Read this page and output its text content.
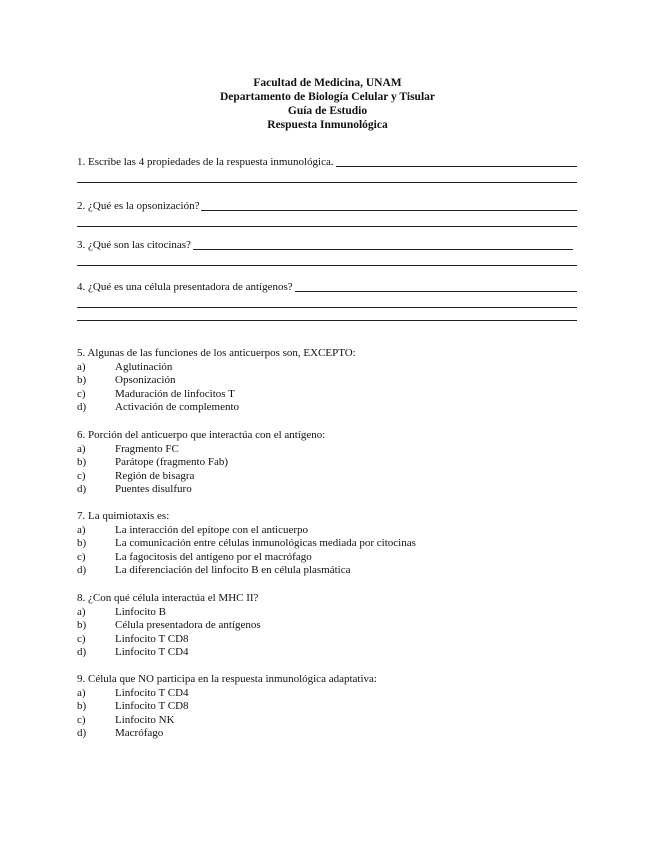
Facultad de Medicina, UNAM
Departamento de Biología Celular y Tisular
Guía de Estudio
Respuesta Inmunológica
1. Escribe las 4 propiedades de la respuesta inmunológica.
2. ¿Qué es la opsonización?
3. ¿Qué son las citocinas?
4. ¿Qué es una célula presentadora de antígenos?
5. Algunas de las funciones de los anticuerpos son, EXCEPTO:
a)	Aglutinación
b)	Opsonización
c)	Maduración de linfocitos T
d)	Activación de complemento
6. Porción del anticuerpo que interactúa con el antígeno:
a)	Fragmento FC
b)	Parátope (fragmento Fab)
c)	Región de bisagra
d)	Puentes disulfuro
7. La quimiotaxis es:
a)	La interacción del epítope con el anticuerpo
b)	La comunicación entre células inmunológicas mediada por citocinas
c)	La fagocitosis del antígeno por el macrófago
d)	La diferenciación del linfocito B en célula plasmática
8. ¿Con qué célula interactúa el MHC II?
a)	Linfocito B
b)	Célula presentadora de antígenos
c)	Linfocito T CD8
d)	Linfocito T CD4
9. Célula que NO participa en la respuesta inmunológica adaptativa:
a)	Linfocito T CD4
b)	Linfocito T CD8
c)	Linfocito NK
d)	Macrófago
